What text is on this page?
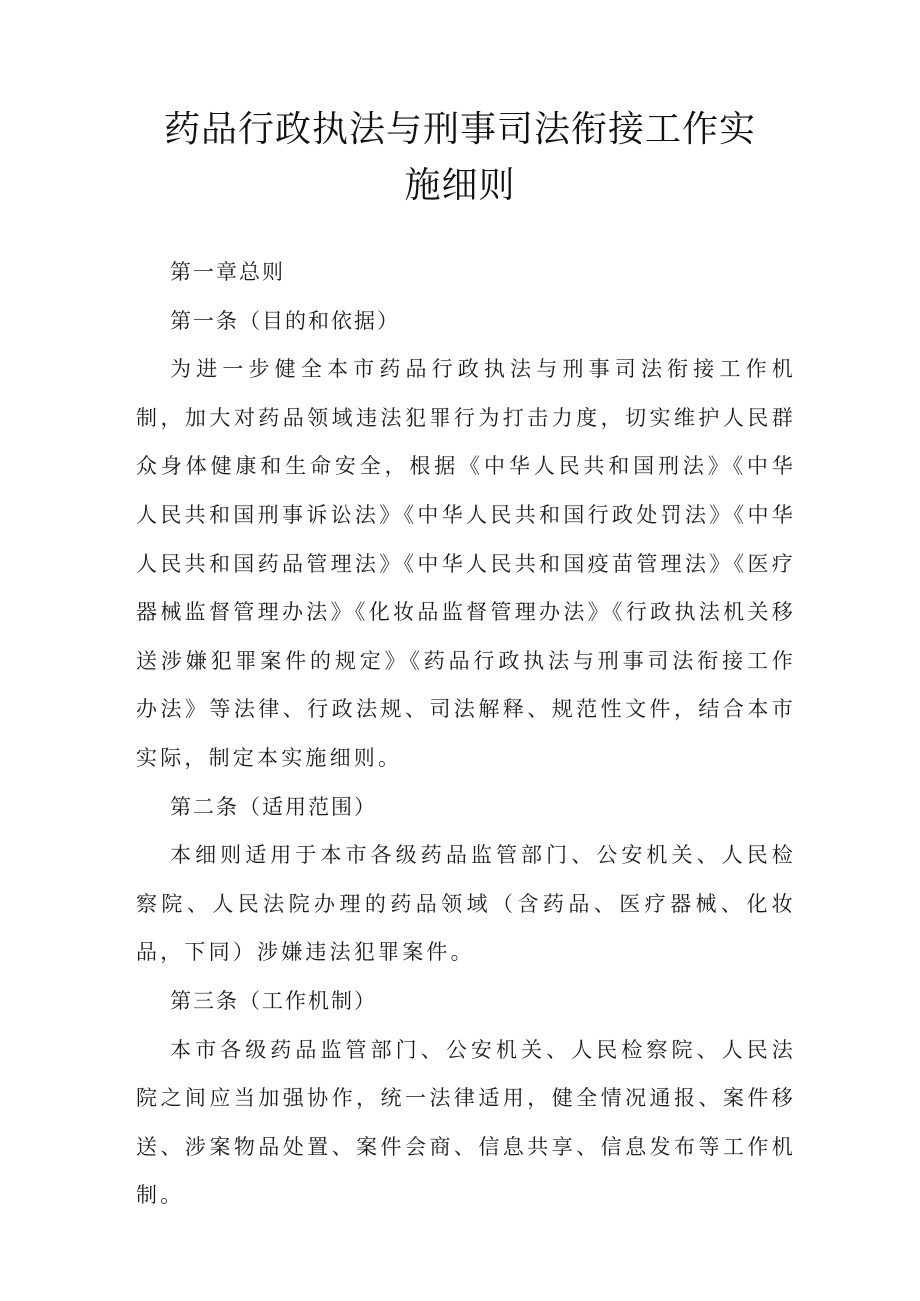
药品行政执法与刑事司法衔接工作实施细则

第一章总则

第一条（目的和依据）

为进一步健全本市药品行政执法与刑事司法衔接工作机制，加大对药品领域违法犯罪行为打击力度，切实维护人民群众身体健康和生命安全，根据《中华人民共和国刑法》《中华人民共和国刑事诉讼法》《中华人民共和国行政处罚法》《中华人民共和国药品管理法》《中华人民共和国疫苗管理法》《医疗器械监督管理办法》《化妆品监督管理办法》《行政执法机关移送涉嫌犯罪案件的规定》《药品行政执法与刑事司法衔接工作办法》等法律、行政法规、司法解释、规范性文件，结合本市实际，制定本实施细则。

第二条（适用范围）

本细则适用于本市各级药品监管部门、公安机关、人民检察院、人民法院办理的药品领域（含药品、医疗器械、化妆品，下同）涉嫌违法犯罪案件。

第三条（工作机制）

本市各级药品监管部门、公安机关、人民检察院、人民法院之间应当加强协作，统一法律适用，健全情况通报、案件移送、涉案物品处置、案件会商、信息共享、信息发布等工作机制。
